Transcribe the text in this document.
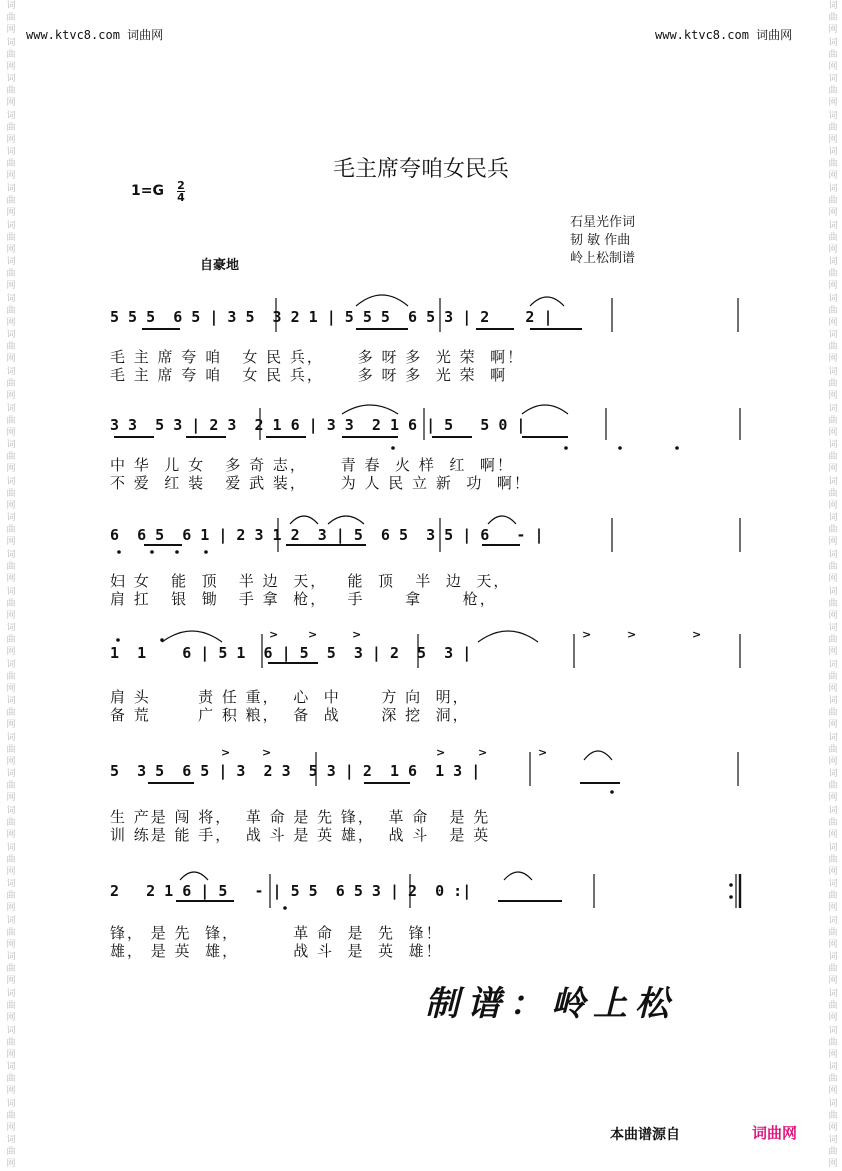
词
曲
网
词
曲
网
词
曲
网
词
曲
网
词
曲
网
词
曲
网
词
曲
网
词
曲
网
词
曲
网
词
曲
网
词
曲
网
词
曲
网
词
曲
网
词
曲
网
词
曲
网
词
曲
网
词
曲
网
词
曲
网
词
曲
网
词
曲
网
词
曲
网
词
曲
网
词
曲
网
词
曲
网
词
曲
网
词
曲
网
词
曲
网
词
曲
网
词
曲
网
词
曲
网
词
曲
网
词
曲
网
词
曲
网
词
曲
网
词
曲
网
词
曲
网
词
曲
网
词
曲
网
词
曲
网
词
曲
网
词
曲
网
词
曲
网
词
曲
网
词
曲
网
词
曲
网
词
曲
网
词
曲
网
词
曲
网
词
曲
网
词
曲
网
词
曲
网
词
曲
网
词
曲
网
词
曲
网
词
曲
网
词
曲
网
词
曲
网
词
曲
网
词
曲
网
词
曲
网
词
曲
网
词
曲
网
词
曲
网
词
曲
网
www.ktvc8.com 词曲网	www.ktvc8.com 词曲网
毛主席夸咱女民兵
1=G 2
4
石星光作词
韧 敏 作曲
岭上松制谱
自豪地
>	>	>	>	>	>
>	>	>	>	>
5 5 5  6 5 | 3 5  3 2 1 | 5 5 5  6 5 3 | 2    2 |
毛 主 席 夸 咱   女 民 兵，     多 呀 多  光 荣  啊！
毛 主 席 夸 咱   女 民 兵，     多 呀 多  光 荣  啊
3 3  5 3 | 2 3  2 1 6 | 3 3  2 1 6 | 5   5 0 |
中 华  儿 女   多 奇 志，     青 春  火 样  红  啊！
不 爱  红 装   爱 武 装，     为 人 民 立 新  功  啊！
6  6 5  6 1 | 2 3 1 2  3 | 5  6 5  3 5 | 6   - |
妇 女   能  顶   半 边  天，   能  顶   半  边  天，
肩 扛   银  锄   手 拿  枪，   手      拿      枪，
1  1    6 | 5 1  6 | 5  5  3 | 2  5  3 |
肩 头       责 任 重，  心  中      方 向  明，
备 荒       广 积 粮，  备  战      深 挖  洞，
5  3 5  6 5 | 3  2 3  5 3 | 2  1 6  1 3 |
生 产是 闯 将，  革 命 是 先 锋，  革 命   是 先
训 练是 能 手，  战 斗 是 英 雄，  战 斗   是 英
2   2 1 6 | 5   - | 5 5  6 5 3 | 2  0 :|
锋， 是 先  锋，        革 命  是  先  锋！
雄， 是 英  雄，        战 斗  是  英  雄！
制谱：岭上松
本曲谱源自	词曲网
